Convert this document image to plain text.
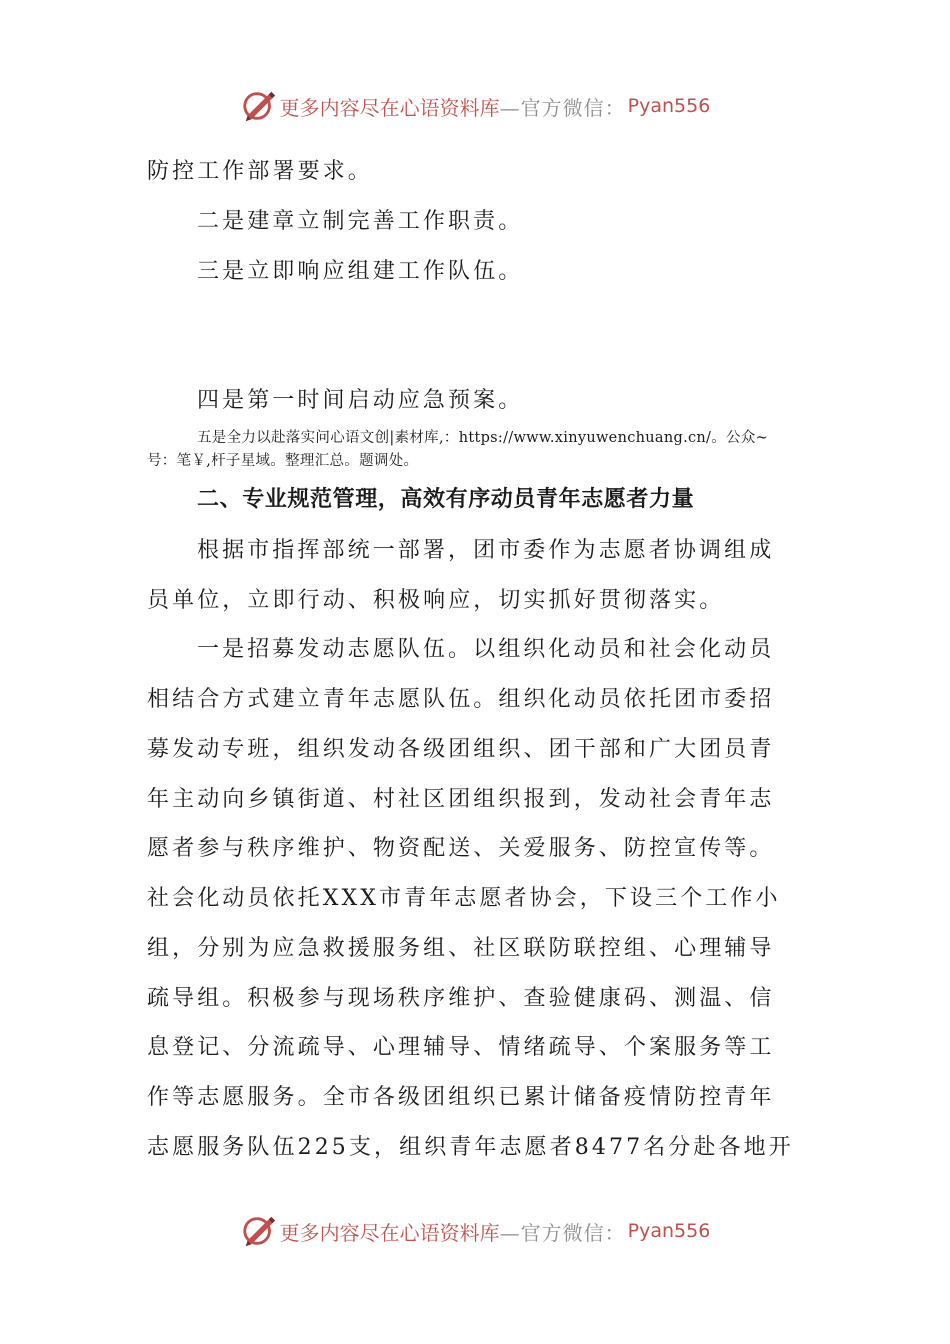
更多内容尽在心语资料库 —官方微信： Pyan556
防控工作部署要求。
二是建章立制完善工作职责。
三是立即响应组建工作队伍。
四是第一时间启动应急预案。
五是全力以赴落实问心语文创|素材库,：https://www.xinyuwenchuang.cn/。公众~
号：笔￥,杆子星域。整理汇总。题调处。
二、专业规范管理，高效有序动员青年志愿者力量
根据市指挥部统一部署，团市委作为志愿者协调组成
员单位，立即行动、积极响应，切实抓好贯彻落实。
一是招募发动志愿队伍。以组织化动员和社会化动员
相结合方式建立青年志愿队伍。组织化动员依托团市委招
募发动专班，组织发动各级团组织、团干部和广大团员青
年主动向乡镇街道、村社区团组织报到，发动社会青年志
愿者参与秩序维护、物资配送、关爱服务、防控宣传等。
社会化动员依托XXX市青年志愿者协会，下设三个工作小
组，分别为应急救援服务组、社区联防联控组、心理辅导
疏导组。积极参与现场秩序维护、查验健康码、测温、信
息登记、分流疏导、心理辅导、情绪疏导、个案服务等工
作等志愿服务。全市各级团组织已累计储备疫情防控青年
志愿服务队伍225支，组织青年志愿者8477名分赴各地开
更多内容尽在心语资料库 —官方微信： Pyan556
